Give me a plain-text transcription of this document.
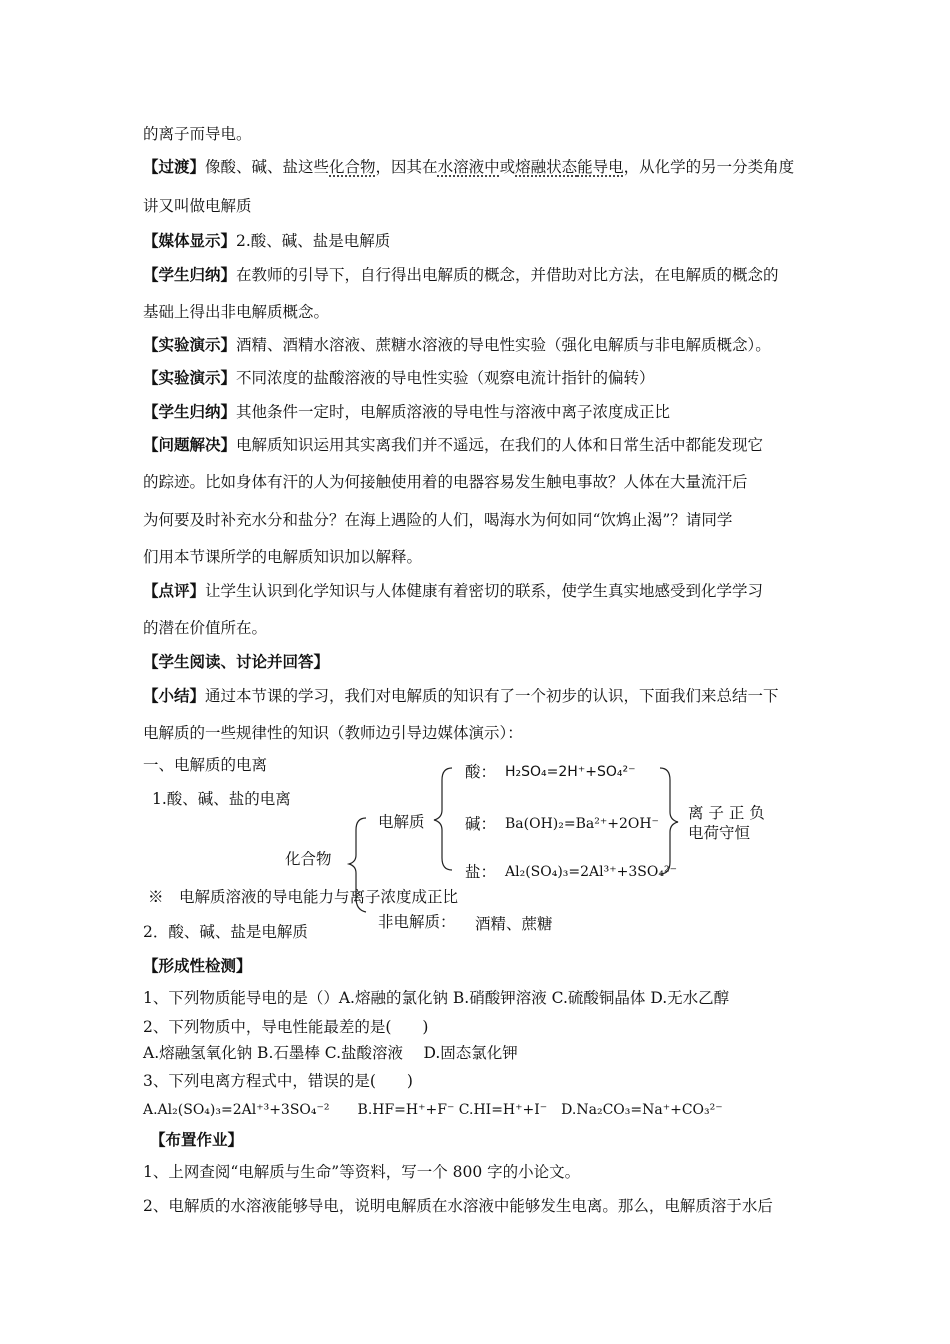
的离子而导电。
【过渡】像酸、碱、盐这些化合物，因其在水溶液中或熔融状态能导电，从化学的另一分类角度
讲又叫做电解质
【媒体显示】2.酸、碱、盐是电解质
【学生归纳】在教师的引导下，自行得出电解质的概念，并借助对比方法，在电解质的概念的
基础上得出非电解质概念。
【实验演示】酒精、酒精水溶液、蔗糖水溶液的导电性实验（强化电解质与非电解质概念）。
【实验演示】不同浓度的盐酸溶液的导电性实验（观察电流计指针的偏转）
【学生归纳】其他条件一定时，电解质溶液的导电性与溶液中离子浓度成正比
【问题解决】电解质知识运用其实离我们并不遥远，在我们的人体和日常生活中都能发现它
的踪迹。比如身体有汗的人为何接触使用着的电器容易发生触电事故？人体在大量流汗后
为何要及时补充水分和盐分？在海上遇险的人们，喝海水为何如同“饮鸩止渴”？请同学
们用本节课所学的电解质知识加以解释。
【点评】让学生认识到化学知识与人体健康有着密切的联系，使学生真实地感受到化学学习
的潜在价值所在。
【学生阅读、讨论并回答】
【小结】通过本节课的学习，我们对电解质的知识有了一个初步的认识，下面我们来总结一下
电解质的一些规律性的知识（教师边引导边媒体演示）：
一、电解质的电离
1.酸、碱、盐的电离
化合物
电解质
酸： H₂SO₄=2H⁺+SO₄²⁻
碱： Ba(OH)₂=Ba²⁺+2OH⁻
盐： Al₂(SO₄)₃=2Al³⁺+3SO₄²⁻
离 子 正 负
电荷守恒
※　电解质溶液的导电能力与离子浓度成正比
非电解质： 酒精、蔗糖
2．酸、碱、盐是电解质
【形成性检测】
1、下列物质能导电的是（）A.熔融的氯化钠 B.硝酸钾溶液 C.硫酸铜晶体 D.无水乙醇
2、下列物质中，导电性能最差的是(　　)
A.熔融氢氧化钠 B.石墨棒 C.盐酸溶液　 D.固态氯化钾
3、下列电离方程式中，错误的是(　　)
A.Al₂(SO₄)₃=2Al⁺³+3SO₄⁻²　　B.HF=H⁺+F⁻ C.HI=H⁺+I⁻　D.Na₂CO₃=Na⁺+CO₃²⁻
【布置作业】
1、上网查阅“电解质与生命”等资料，写一个 800 字的小论文。
2、电解质的水溶液能够导电，说明电解质在水溶液中能够发生电离。那么，电解质溶于水后
